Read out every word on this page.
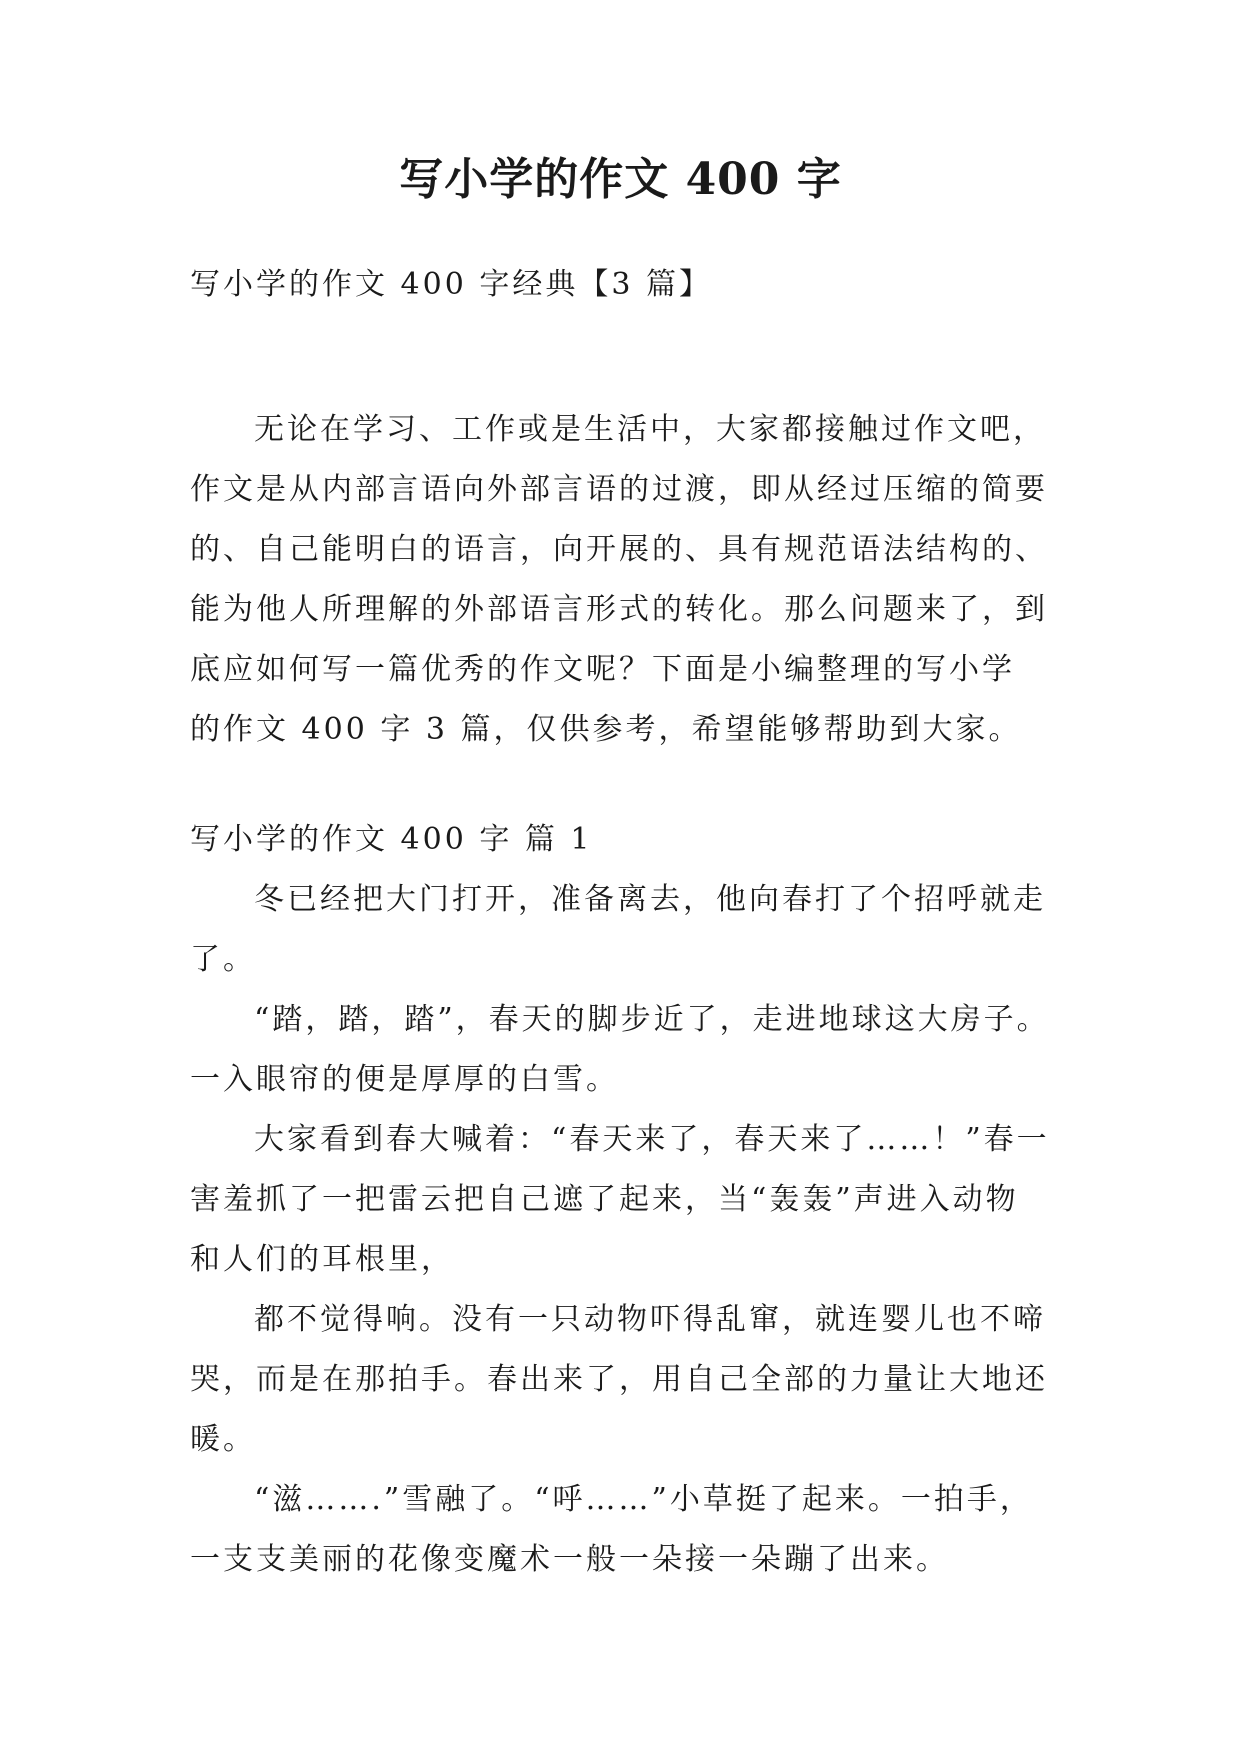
写小学的作文 400 字
写小学的作文 400 字经典【3 篇】
无论在学习、工作或是生活中，大家都接触过作文吧，
作文是从内部言语向外部言语的过渡，即从经过压缩的简要
的、自己能明白的语言，向开展的、具有规范语法结构的、
能为他人所理解的外部语言形式的转化。那么问题来了，到
底应如何写一篇优秀的作文呢？下面是小编整理的写小学
的作文 400 字 3 篇，仅供参考，希望能够帮助到大家。
写小学的作文 400 字 篇 1
冬已经把大门打开，准备离去，他向春打了个招呼就走
了。
“踏，踏，踏”，春天的脚步近了，走进地球这大房子。
一入眼帘的便是厚厚的白雪。
大家看到春大喊着：“春天来了，春天来了……！”春一
害羞抓了一把雷云把自己遮了起来，当“轰轰”声进入动物
和人们的耳根里，
都不觉得响。没有一只动物吓得乱窜，就连婴儿也不啼
哭，而是在那拍手。春出来了，用自己全部的力量让大地还
暖。
“滋…….”雪融了。“呼……”小草挺了起来。一拍手，
一支支美丽的花像变魔术一般一朵接一朵蹦了出来。
